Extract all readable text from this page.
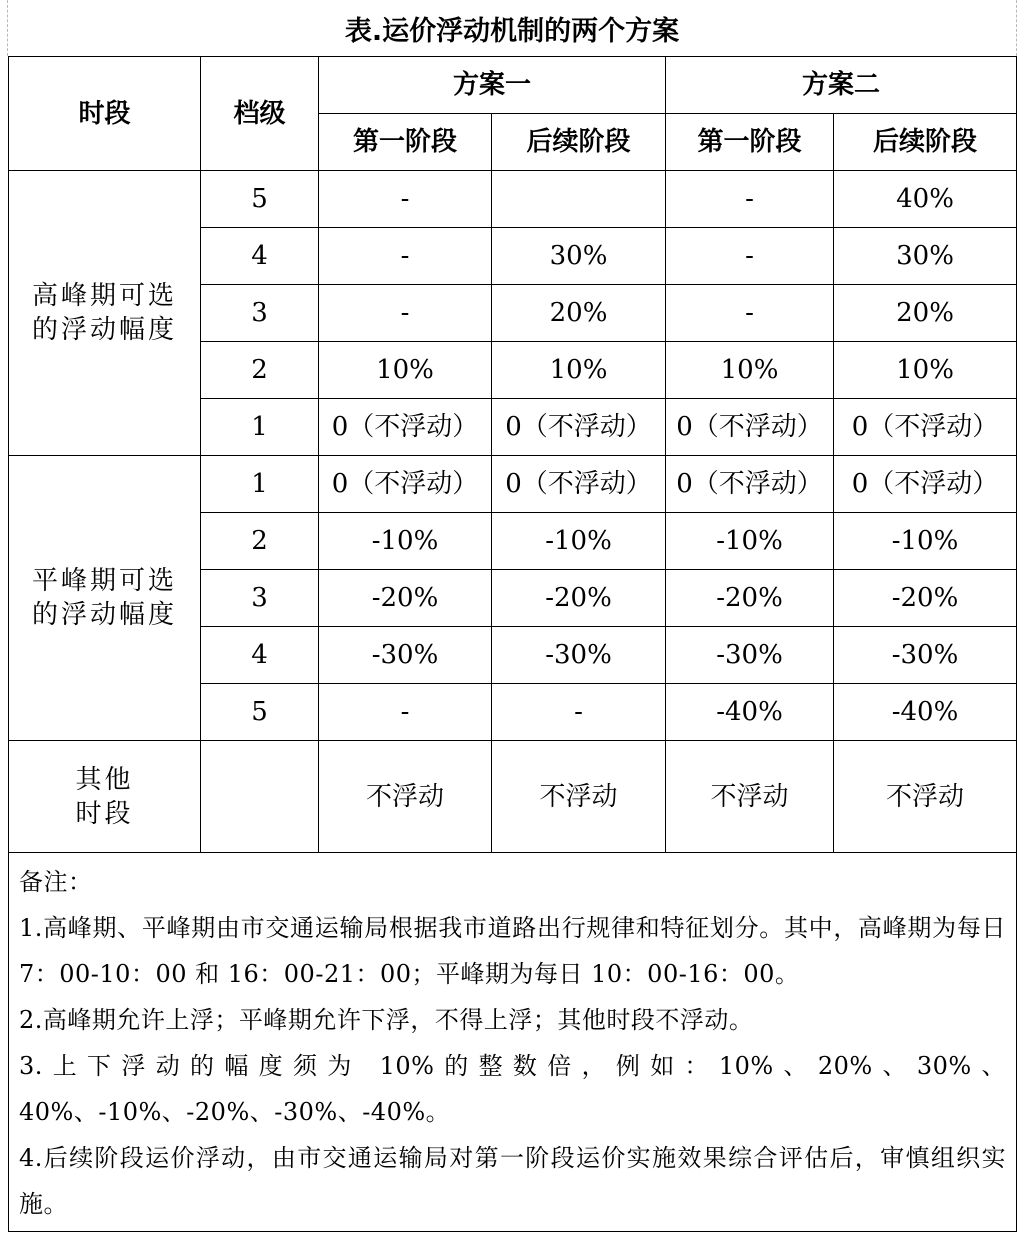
表.运价浮动机制的两个方案
时段	档级	方案一		方案二	
		第一阶段	后续阶段	第一阶段	后续阶段
高峰期可选
的浮动幅度	5	-		-	40%
	4	-	30%	-	30%
	3	-	20%	-	20%
	2	10%	10%	10%	10%
	1	0（不浮动）	0（不浮动）	0（不浮动）	0（不浮动）
平峰期可选
的浮动幅度	1	0（不浮动）	0（不浮动）	0（不浮动）	0（不浮动）
	2	-10%	-10%	-10%	-10%
	3	-20%	-20%	-20%	-20%
	4	-30%	-30%	-30%	-30%
	5	-	-	-40%	-40%
其他
时段		不浮动	不浮动	不浮动	不浮动

备注：
1.高峰期、平峰期由市交通运输局根据我市道路出行规律和特征划分。其中，高峰期为每日 7：00-10：00 和 16：00-21：00；平峰期为每日 10：00-16：00。
2.高峰期允许上浮；平峰期允许下浮，不得上浮；其他时段不浮动。
3.上下浮动的幅度须为 10%的整数倍，例如：10%、20%、30%、40%、-10%、-20%、-30%、-40%。
4.后续阶段运价浮动，由市交通运输局对第一阶段运价实施效果综合评估后，审慎组织实施。					
